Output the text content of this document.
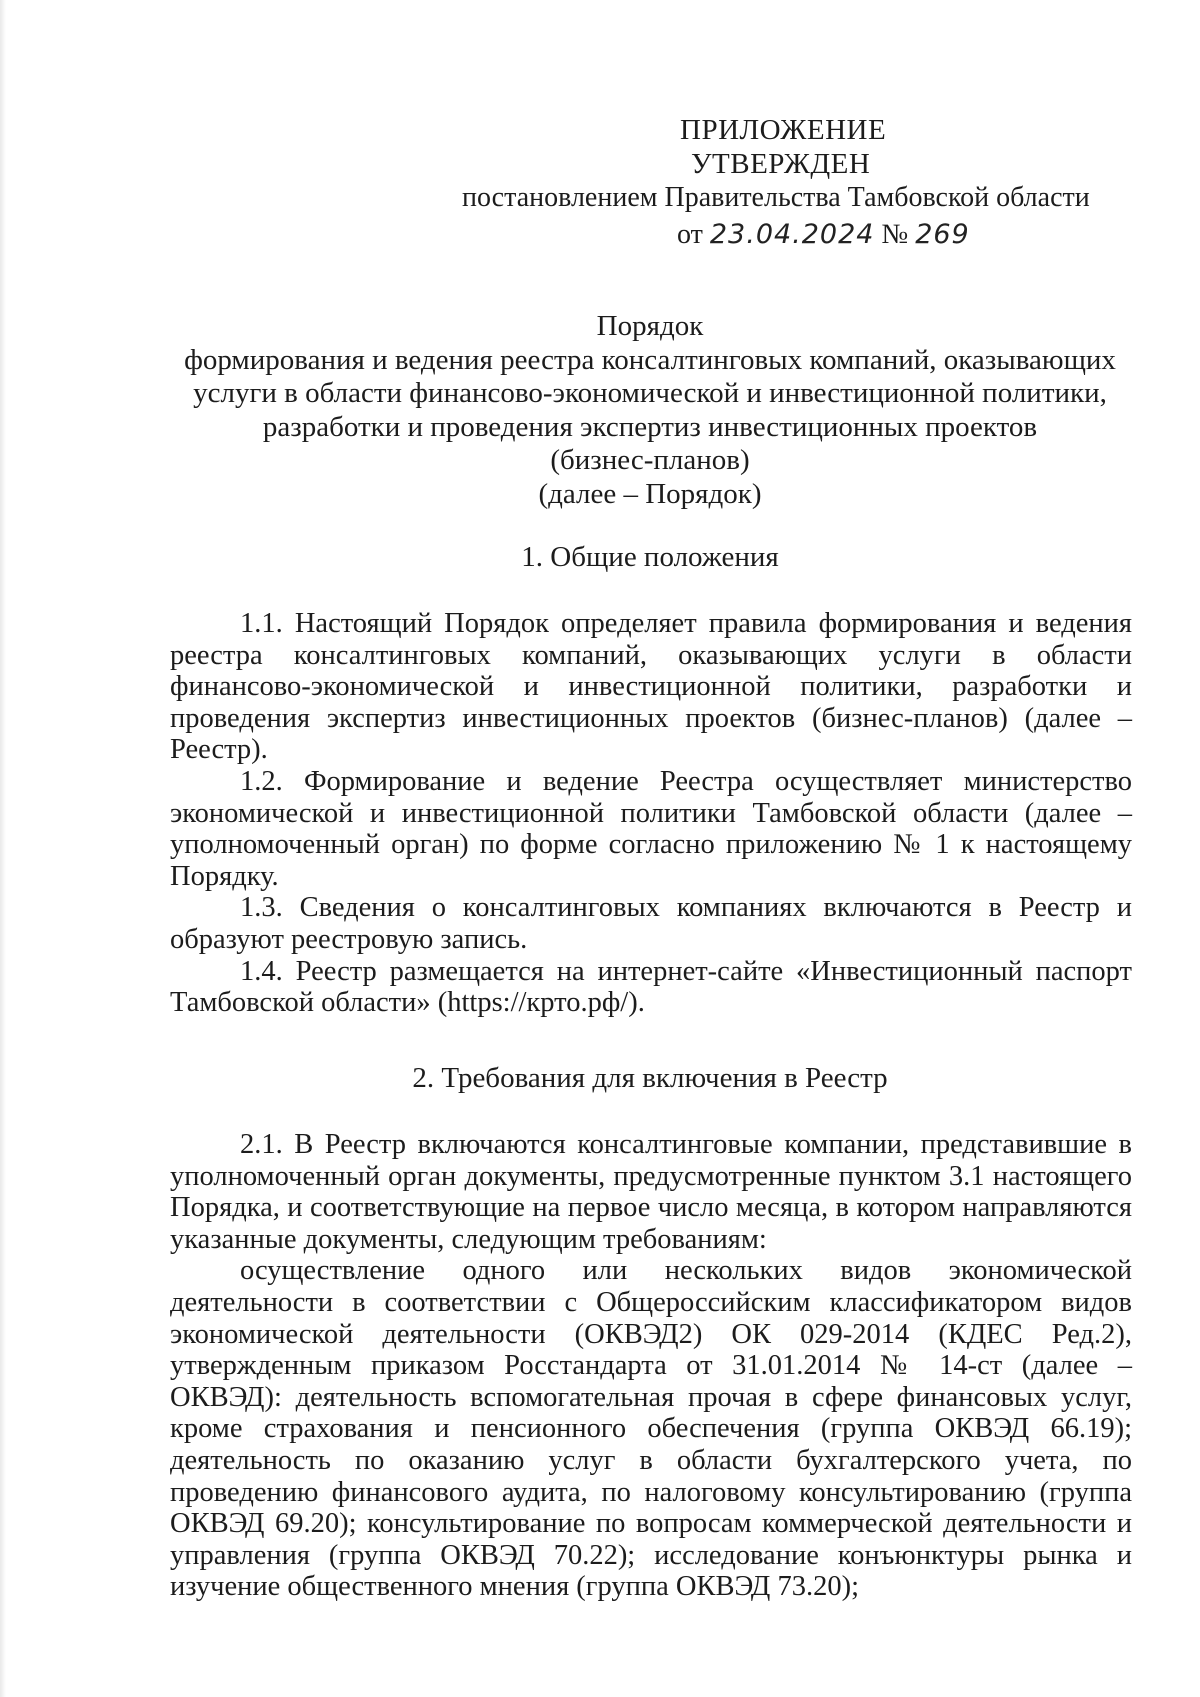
ПРИЛОЖЕНИЕ
УТВЕРЖДЕН
постановлением Правительства Тамбовской области
от 23.04.2024 № 269
Порядок
формирования и ведения реестра консалтинговых компаний, оказывающих
услуги в области финансово-экономической и инвестиционной политики,
разработки и проведения экспертиз инвестиционных проектов
(бизнес-планов)
(далее – Порядок)
1. Общие положения

1.1. Настоящий Порядок определяет правила формирования и ведения реестра консалтинговых компаний, оказывающих услуги в области финансово-экономической и инвестиционной политики, разработки и проведения экспертиз инвестиционных проектов (бизнес-планов) (далее – Реестр).

1.2. Формирование и ведение Реестра осуществляет министерство экономической и инвестиционной политики Тамбовской области (далее – уполномоченный орган) по форме согласно приложению № 1 к настоящему Порядку.

1.3. Сведения о консалтинговых компаниях включаются в Реестр и образуют реестровую запись.

1.4. Реестр размещается на интернет-сайте «Инвестиционный паспорт Тамбовской области» (https://крто.рф/).

2. Требования для включения в Реестр

2.1. В Реестр включаются консалтинговые компании, представившие в уполномоченный орган документы, предусмотренные пунктом 3.1 настоящего Порядка, и соответствующие на первое число месяца, в котором направляются указанные документы, следующим требованиям:

осуществление одного или нескольких видов экономической деятельности в соответствии с Общероссийским классификатором видов экономической деятельности (ОКВЭД2) ОК 029-2014 (КДЕС Ред.2), утвержденным приказом Росстандарта от 31.01.2014 № 14-ст (далее – ОКВЭД): деятельность вспомогательная прочая в сфере финансовых услуг, кроме страхования и пенсионного обеспечения (группа ОКВЭД 66.19); деятельность по оказанию услуг в области бухгалтерского учета, по проведению финансового аудита, по налоговому консультированию (группа ОКВЭД 69.20); консультирование по вопросам коммерческой деятельности и управления (группа ОКВЭД 70.22); исследование конъюнктуры рынка и изучение общественного мнения (группа ОКВЭД 73.20);
